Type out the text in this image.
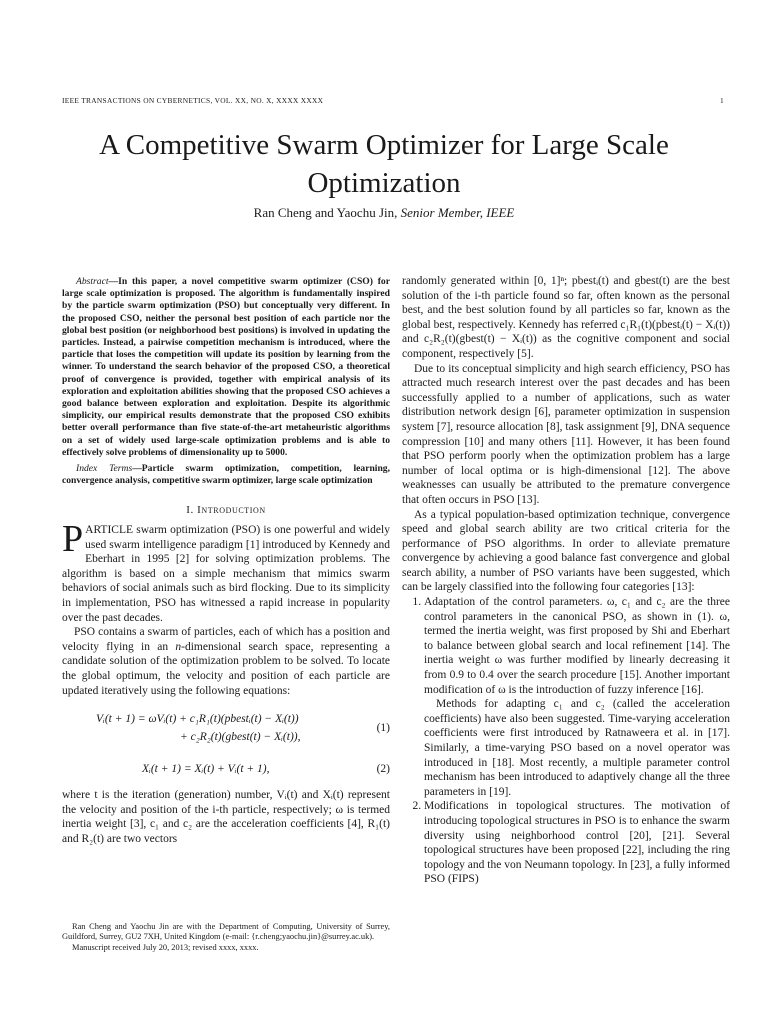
IEEE TRANSACTIONS ON CYBERNETICS, VOL. XX, NO. X, XXXX XXXX	1
A Competitive Swarm Optimizer for Large Scale Optimization
Ran Cheng and Yaochu Jin, Senior Member, IEEE

Abstract—In this paper, a novel competitive swarm optimizer (CSO) for large scale optimization is proposed. The algorithm is fundamentally inspired by the particle swarm optimization (PSO) but conceptually very different. In the proposed CSO, neither the personal best position of each particle nor the global best position (or neighborhood best positions) is involved in updating the particles. Instead, a pairwise competition mechanism is introduced, where the particle that loses the competition will update its position by learning from the winner. To understand the search behavior of the proposed CSO, a theoretical proof of convergence is provided, together with empirical analysis of its exploration and exploitation abilities showing that the proposed CSO achieves a good balance between exploration and exploitation. Despite its algorithmic simplicity, our empirical results demonstrate that the proposed CSO exhibits better overall performance than five state-of-the-art metaheuristic algorithms on a set of widely used large-scale optimization problems and is able to effectively solve problems of dimensionality up to 5000.

Index Terms—Particle swarm optimization, competition, learning, convergence analysis, competitive swarm optimizer, large scale optimization

I. Introduction

PARTICLE swarm optimization (PSO) is one powerful and widely used swarm intelligence paradigm [1] introduced by Kennedy and Eberhart in 1995 [2] for solving optimization problems. The algorithm is based on a simple mechanism that mimics swarm behaviors of social animals such as bird flocking. Due to its simplicity in implementation, PSO has witnessed a rapid increase in popularity over the past decades.

PSO contains a swarm of particles, each of which has a position and velocity flying in an n-dimensional search space, representing a candidate solution of the optimization problem to be solved. To locate the global optimum, the velocity and position of each particle are updated iteratively using the following equations:

Vᵢ(t + 1) = ωVᵢ(t) + c₁R₁(t)(pbestᵢ(t) − Xᵢ(t))
+ c₂R₂(t)(gbest(t) − Xᵢ(t)),
(1)
Xᵢ(t + 1) = Xᵢ(t) + Vᵢ(t + 1),	(2)

where t is the iteration (generation) number, Vᵢ(t) and Xᵢ(t) represent the velocity and position of the i-th particle, respectively; ω is termed inertia weight [3], c₁ and c₂ are the acceleration coefficients [4], R₁(t) and R₂(t) are two vectors

Ran Cheng and Yaochu Jin are with the Department of Computing, University of Surrey, Guildford, Surrey, GU2 7XH, United Kingdom (e-mail: {r.cheng;yaochu.jin}@surrey.ac.uk).

Manuscript received July 20, 2013; revised xxxx, xxxx.

randomly generated within [0, 1]ⁿ; pbestᵢ(t) and gbest(t) are the best solution of the i-th particle found so far, often known as the personal best, and the best solution found by all particles so far, known as the global best, respectively. Kennedy has referred c₁R₁(t)(pbestᵢ(t) − Xᵢ(t)) and c₂R₂(t)(gbest(t) − Xᵢ(t)) as the cognitive component and social component, respectively [5].

Due to its conceptual simplicity and high search efficiency, PSO has attracted much research interest over the past decades and has been successfully applied to a number of applications, such as water distribution network design [6], parameter optimization in suspension system [7], resource allocation [8], task assignment [9], DNA sequence compression [10] and many others [11]. However, it has been found that PSO perform poorly when the optimization problem has a large number of local optima or is high-dimensional [12]. The above weaknesses can usually be attributed to the premature convergence that often occurs in PSO [13].

As a typical population-based optimization technique, convergence speed and global search ability are two critical criteria for the performance of PSO algorithms. In order to alleviate premature convergence by achieving a good balance fast convergence and global search ability, a number of PSO variants have been suggested, which can be largely classified into the following four categories [13]:

1. Adaptation of the control parameters. ω, c₁ and c₂ are the three control parameters in the canonical PSO, as shown in (1). ω, termed the inertia weight, was first proposed by Shi and Eberhart to balance between global search and local refinement [14]. The inertia weight ω was further modified by linearly decreasing it from 0.9 to 0.4 over the search procedure [15]. Another important modification of ω is the introduction of fuzzy inference [16].

Methods for adapting c₁ and c₂ (called the acceleration coefficients) have also been suggested. Time-varying acceleration coefficients were first introduced by Ratnaweera et al. in [17]. Similarly, a time-varying PSO based on a novel operator was introduced in [18]. Most recently, a multiple parameter control mechanism has been introduced to adaptively change all the three parameters in [19].

2. Modifications in topological structures. The motivation of introducing topological structures in PSO is to enhance the swarm diversity using neighborhood control [20], [21]. Several topological structures have been proposed [22], including the ring topology and the von Neumann topology. In [23], a fully informed PSO (FIPS)
